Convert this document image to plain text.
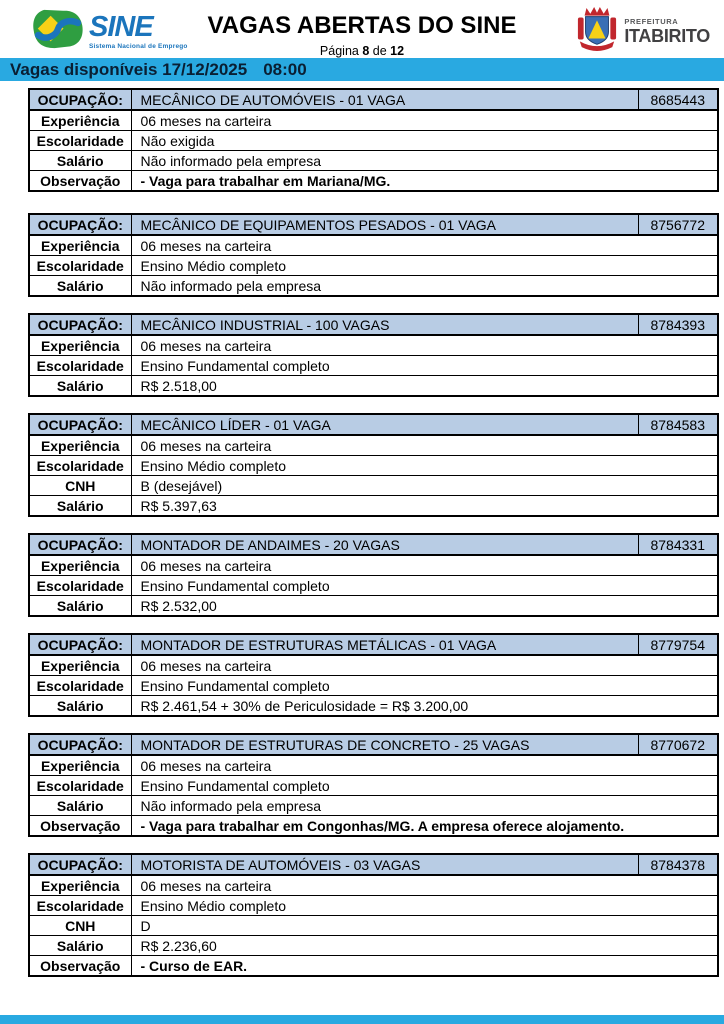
SINE
Sistema Nacional de Emprego
VAGAS ABERTAS DO SINE
Página 8 de 12
PREFEITURA
ITABIRITO
Vagas disponíveis 17/12/2025 08:00
OCUPAÇÃO:	MECÂNICO DE AUTOMÓVEIS - 01 VAGA	8685443
Experiência	06 meses na carteira	
Escolaridade	Não exigida	
Salário	Não informado pela empresa	
Observação	- Vaga para trabalhar em Mariana/MG.	
OCUPAÇÃO:	MECÂNICO DE EQUIPAMENTOS PESADOS - 01 VAGA	8756772
Experiência	06 meses na carteira	
Escolaridade	Ensino Médio completo	
Salário	Não informado pela empresa	
OCUPAÇÃO:	MECÂNICO INDUSTRIAL - 100 VAGAS	8784393
Experiência	06 meses na carteira	
Escolaridade	Ensino Fundamental completo	
Salário	R$ 2.518,00	
OCUPAÇÃO:	MECÂNICO LÍDER - 01 VAGA	8784583
Experiência	06 meses na carteira	
Escolaridade	Ensino Médio completo	
CNH	B (desejável)	
Salário	R$ 5.397,63	
OCUPAÇÃO:	MONTADOR DE ANDAIMES - 20 VAGAS	8784331
Experiência	06 meses na carteira	
Escolaridade	Ensino Fundamental completo	
Salário	R$ 2.532,00	
OCUPAÇÃO:	MONTADOR DE ESTRUTURAS METÁLICAS - 01 VAGA	8779754
Experiência	06 meses na carteira	
Escolaridade	Ensino Fundamental completo	
Salário	R$ 2.461,54 + 30% de Periculosidade = R$ 3.200,00	
OCUPAÇÃO:	MONTADOR DE ESTRUTURAS DE CONCRETO - 25 VAGAS	8770672
Experiência	06 meses na carteira	
Escolaridade	Ensino Fundamental completo	
Salário	Não informado pela empresa	
Observação	- Vaga para trabalhar em Congonhas/MG. A empresa oferece alojamento.	
OCUPAÇÃO:	MOTORISTA DE AUTOMÓVEIS - 03 VAGAS	8784378
Experiência	06 meses na carteira	
Escolaridade	Ensino Médio completo	
CNH	D	
Salário	R$ 2.236,60	
Observação	- Curso de EAR.	
